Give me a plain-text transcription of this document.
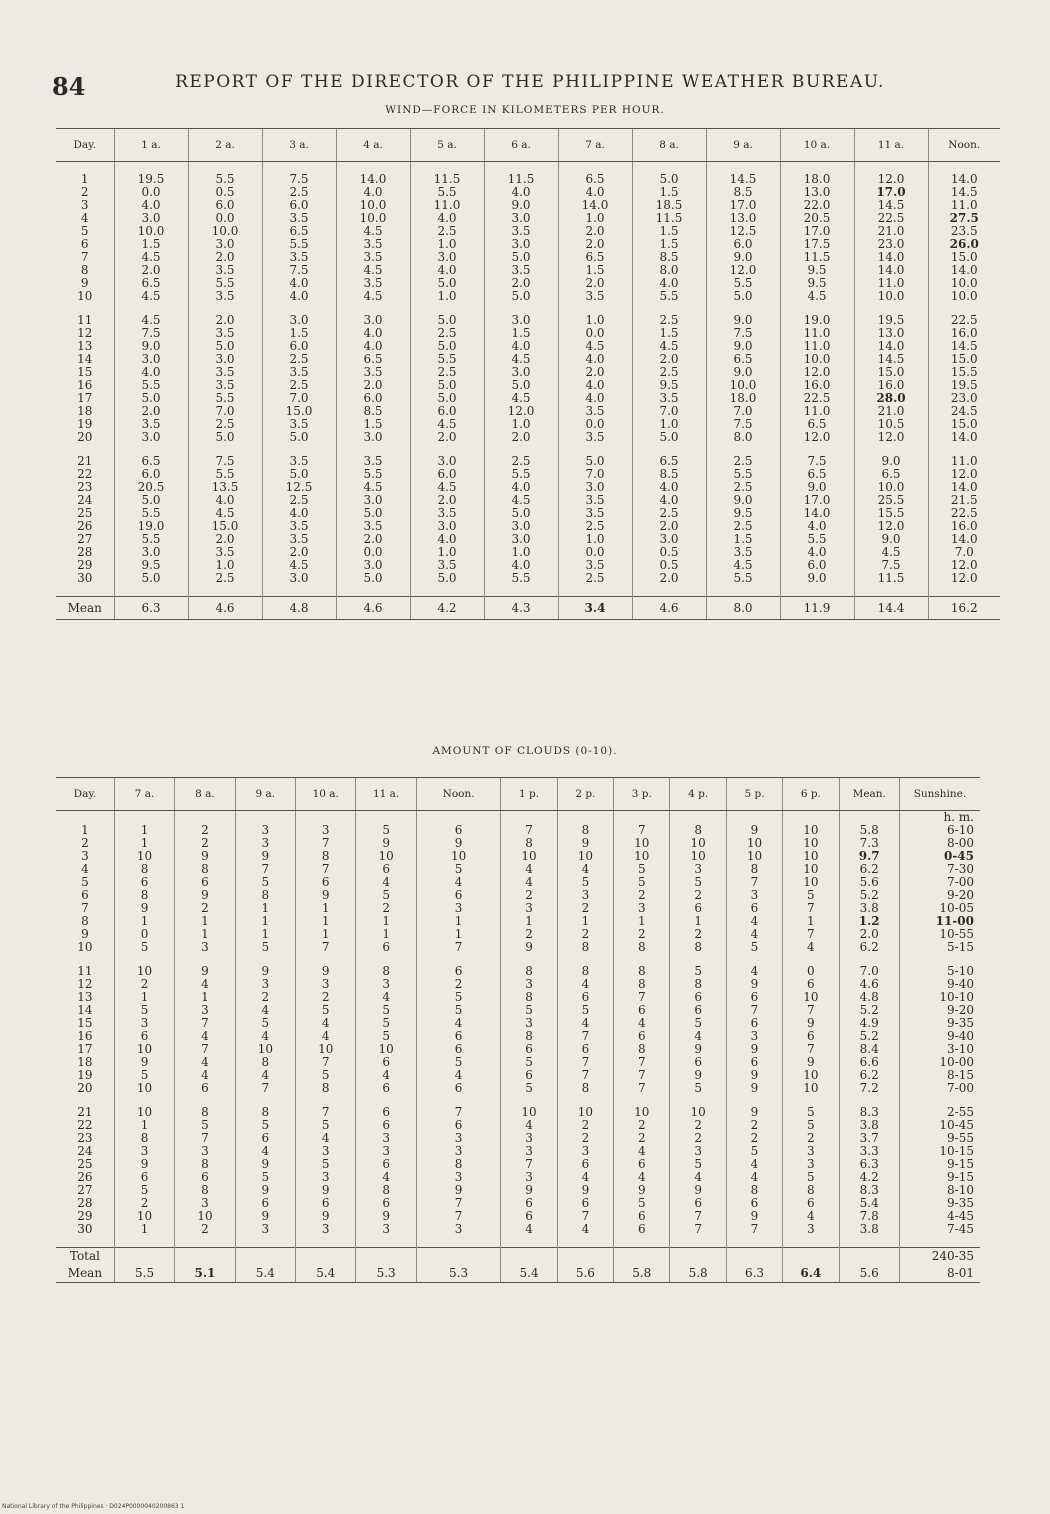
84	REPORT OF THE DIRECTOR OF THE PHILIPPINE WEATHER BUREAU.
WIND—FORCE IN KILOMETERS PER HOUR.
Day.	1 a.	2 a.	3 a.	4 a.	5 a.	6 a.	7 a.	8 a.	9 a.	10 a.	11 a.	Noon.

1	19.5	5.5	7.5	14.0	11.5	11.5	6.5	5.0	14.5	18.0	12.0	14.0
2	0.0	0.5	2.5	4.0	5.5	4.0	4.0	1.5	8.5	13.0	17.0	14.5
3	4.0	6.0	6.0	10.0	11.0	9.0	14.0	18.5	17.0	22.0	14.5	11.0
4	3.0	0.0	3.5	10.0	4.0	3.0	1.0	11.5	13.0	20.5	22.5	27.5
5	10.0	10.0	6.5	4.5	2.5	3.5	2.0	1.5	12.5	17.0	21.0	23.5
6	1.5	3.0	5.5	3.5	1.0	3.0	2.0	1.5	6.0	17.5	23.0	26.0
7	4.5	2.0	3.5	3.5	3.0	5.0	6.5	8.5	9.0	11.5	14.0	15.0
8	2.0	3.5	7.5	4.5	4.0	3.5	1.5	8.0	12.0	9.5	14.0	14.0
9	6.5	5.5	4.0	3.5	5.0	2.0	2.0	4.0	5.5	9.5	11.0	10.0
10	4.5	3.5	4.0	4.5	1.0	5.0	3.5	5.5	5.0	4.5	10.0	10.0

11	4.5	2.0	3.0	3.0	5.0	3.0	1.0	2.5	9.0	19.0	19.5	22.5
12	7.5	3.5	1.5	4.0	2.5	1.5	0.0	1.5	7.5	11.0	13.0	16.0
13	9.0	5.0	6.0	4.0	5.0	4.0	4.5	4.5	9.0	11.0	14.0	14.5
14	3.0	3.0	2.5	6.5	5.5	4.5	4.0	2.0	6.5	10.0	14.5	15.0
15	4.0	3.5	3.5	3.5	2.5	3.0	2.0	2.5	9.0	12.0	15.0	15.5
16	5.5	3.5	2.5	2.0	5.0	5.0	4.0	9.5	10.0	16.0	16.0	19.5
17	5.0	5.5	7.0	6.0	5.0	4.5	4.0	3.5	18.0	22.5	28.0	23.0
18	2.0	7.0	15.0	8.5	6.0	12.0	3.5	7.0	7.0	11.0	21.0	24.5
19	3.5	2.5	3.5	1.5	4.5	1.0	0.0	1.0	7.5	6.5	10.5	15.0
20	3.0	5.0	5.0	3.0	2.0	2.0	3.5	5.0	8.0	12.0	12.0	14.0

21	6.5	7.5	3.5	3.5	3.0	2.5	5.0	6.5	2.5	7.5	9.0	11.0
22	6.0	5.5	5.0	5.5	6.0	5.5	7.0	8.5	5.5	6.5	6.5	12.0
23	20.5	13.5	12.5	4.5	4.5	4.0	3.0	4.0	2.5	9.0	10.0	14.0
24	5.0	4.0	2.5	3.0	2.0	4.5	3.5	4.0	9.0	17.0	25.5	21.5
25	5.5	4.5	4.0	5.0	3.5	5.0	3.5	2.5	9.5	14.0	15.5	22.5
26	19.0	15.0	3.5	3.5	3.0	3.0	2.5	2.0	2.5	4.0	12.0	16.0
27	5.5	2.0	3.5	2.0	4.0	3.0	1.0	3.0	1.5	5.5	9.0	14.0
28	3.0	3.5	2.0	0.0	1.0	1.0	0.0	0.5	3.5	4.0	4.5	7.0
29	9.5	1.0	4.5	3.0	3.5	4.0	3.5	0.5	4.5	6.0	7.5	12.0
30	5.0	2.5	3.0	5.0	5.0	5.5	2.5	2.0	5.5	9.0	11.5	12.0

Mean	6.3	4.6	4.8	4.6	4.2	4.3	3.4	4.6	8.0	11.9	14.4	16.2
AMOUNT OF CLOUDS (0-10).
Day.	7 a.	8 a.	9 a.	10 a.	11 a.	Noon.	1 p.	2 p.	3 p.	4 p.	5 p.	6 p.	Mean.	Sunshine.
														h. m.
1	1	2	3	3	5	6	7	8	7	8	9	10	5.8	6-10
2	1	2	3	7	9	9	8	9	10	10	10	10	7.3	8-00
3	10	9	9	8	10	10	10	10	10	10	10	10	9.7	0-45
4	8	8	7	7	6	5	4	4	5	3	8	10	6.2	7-30
5	6	6	5	6	4	4	4	5	5	5	7	10	5.6	7-00
6	8	9	8	9	5	6	2	3	2	2	3	5	5.2	9-20
7	9	2	1	1	2	3	3	2	3	6	6	7	3.8	10-05
8	1	1	1	1	1	1	1	1	1	1	4	1	1.2	11-00
9	0	1	1	1	1	1	2	2	2	2	4	7	2.0	10-55
10	5	3	5	7	6	7	9	8	8	8	5	4	6.2	5-15

11	10	9	9	9	8	6	8	8	8	5	4	0	7.0	5-10
12	2	4	3	3	3	2	3	4	8	8	9	6	4.6	9-40
13	1	1	2	2	4	5	8	6	7	6	6	10	4.8	10-10
14	5	3	4	5	5	5	5	5	6	6	7	7	5.2	9-20
15	3	7	5	4	5	4	3	4	4	5	6	9	4.9	9-35
16	6	4	4	4	5	6	8	7	6	4	3	6	5.2	9-40
17	10	7	10	10	10	6	6	6	8	9	9	7	8.4	3-10
18	9	4	8	7	6	5	5	7	7	6	6	9	6.6	10-00
19	5	4	4	5	4	4	6	7	7	9	9	10	6.2	8-15
20	10	6	7	8	6	6	5	8	7	5	9	10	7.2	7-00

21	10	8	8	7	6	7	10	10	10	10	9	5	8.3	2-55
22	1	5	5	5	6	6	4	2	2	2	2	5	3.8	10-45
23	8	7	6	4	3	3	3	2	2	2	2	2	3.7	9-55
24	3	3	4	3	3	3	3	3	4	3	5	3	3.3	10-15
25	9	8	9	5	6	8	7	6	6	5	4	3	6.3	9-15
26	6	6	5	3	4	3	3	4	4	4	4	5	4.2	9-15
27	5	8	9	9	8	9	9	9	9	9	8	8	8.3	8-10
28	2	3	6	6	6	7	6	6	5	6	6	6	5.4	9-35
29	10	10	9	9	9	7	6	7	6	7	9	4	7.8	4-45
30	1	2	3	3	3	3	4	4	6	7	7	3	3.8	7-45

Total														240-35
Mean	5.5	5.1	5.4	5.4	5.3	5.3	5.4	5.6	5.8	5.8	6.3	6.4	5.6	8-01
National Library of the Philippines · D024P0000040200863 1
